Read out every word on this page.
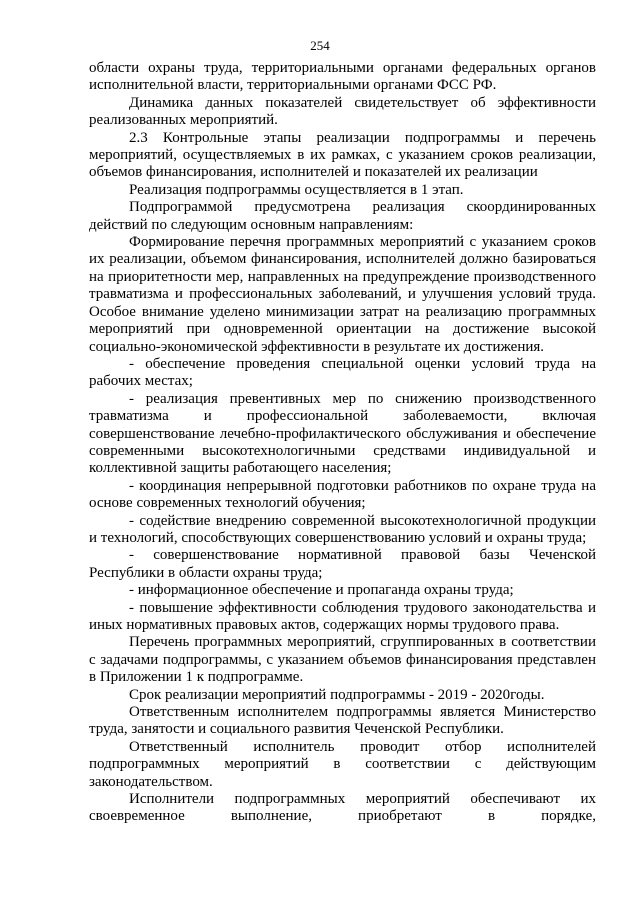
254

области охраны труда, территориальными органами федеральных органов исполнительной власти, территориальными органами ФСС РФ.

Динамика данных показателей свидетельствует об эффективности реализованных мероприятий.

2.3 Контрольные этапы реализации подпрограммы и перечень мероприятий, осуществляемых в их рамках, с указанием сроков реализации, объемов финансирования, исполнителей и показателей их реализации

Реализация подпрограммы осуществляется в 1 этап.

Подпрограммой предусмотрена реализация скоординированных действий по следующим основным направлениям:

Формирование перечня программных мероприятий с указанием сроков их реализации, объемом финансирования, исполнителей должно базироваться на приоритетности мер, направленных на предупреждение производственного травматизма и профессиональных заболеваний, и улучшения условий труда. Особое внимание уделено минимизации затрат на реализацию программных мероприятий при одновременной ориентации на достижение высокой социально-экономической эффективности в результате их достижения.

- обеспечение проведения специальной оценки условий труда на рабочих местах;

- реализация превентивных мер по снижению производственного травматизма и профессиональной заболеваемости, включая совершенствование лечебно-профилактического обслуживания и обеспечение современными высокотехнологичными средствами индивидуальной и коллективной защиты работающего населения;

- координация непрерывной подготовки работников по охране труда на основе современных технологий обучения;

- содействие внедрению современной высокотехнологичной продукции и технологий, способствующих совершенствованию условий и охраны труда;

- совершенствование нормативной правовой базы Чеченской Республики в области охраны труда;

- информационное обеспечение и пропаганда охраны труда;

- повышение эффективности соблюдения трудового законодательства и иных нормативных правовых актов, содержащих нормы трудового права.

Перечень программных мероприятий, сгруппированных в соответствии с задачами подпрограммы, с указанием объемов финансирования представлен в Приложении 1 к подпрограмме.

Срок реализации мероприятий подпрограммы - 2019 - 2020годы.

Ответственным исполнителем подпрограммы является Министерство труда, занятости и социального развития Чеченской Республики.

Ответственный исполнитель проводит отбор исполнителей подпрограммных мероприятий в соответствии с действующим законодательством.

Исполнители подпрограммных мероприятий обеспечивают их своевременное выполнение, приобретают в порядке,
